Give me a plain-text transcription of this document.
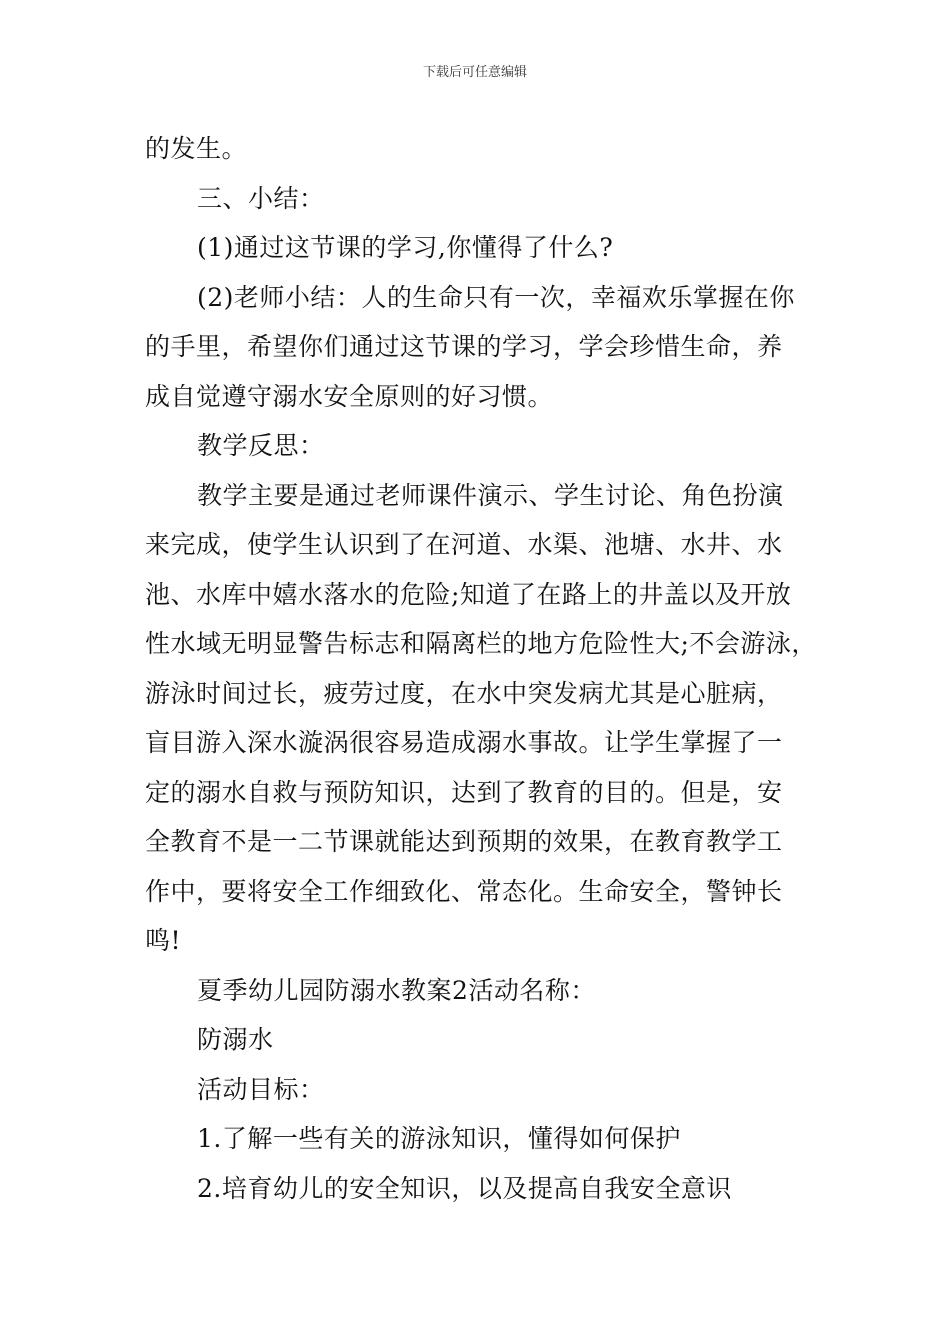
下载后可任意编辑

的发生。

三、小结：

(1)通过这节课的学习,你懂得了什么?

(2)老师小结：人的生命只有一次，幸福欢乐掌握在你

的手里，希望你们通过这节课的学习，学会珍惜生命，养

成自觉遵守溺水安全原则的好习惯。

教学反思：

教学主要是通过老师课件演示、学生讨论、角色扮演

来完成，使学生认识到了在河道、水渠、池塘、水井、水

池、水库中嬉水落水的危险;知道了在路上的井盖以及开放

性水域无明显警告标志和隔离栏的地方危险性大;不会游泳，

游泳时间过长，疲劳过度，在水中突发病尤其是心脏病，

盲目游入深水漩涡很容易造成溺水事故。让学生掌握了一

定的溺水自救与预防知识，达到了教育的目的。但是，安

全教育不是一二节课就能达到预期的效果，在教育教学工

作中，要将安全工作细致化、常态化。生命安全，警钟长

鸣!

夏季幼儿园防溺水教案2活动名称：

防溺水

活动目标：

1.了解一些有关的游泳知识，懂得如何保护

2.培育幼儿的安全知识，以及提高自我安全意识
